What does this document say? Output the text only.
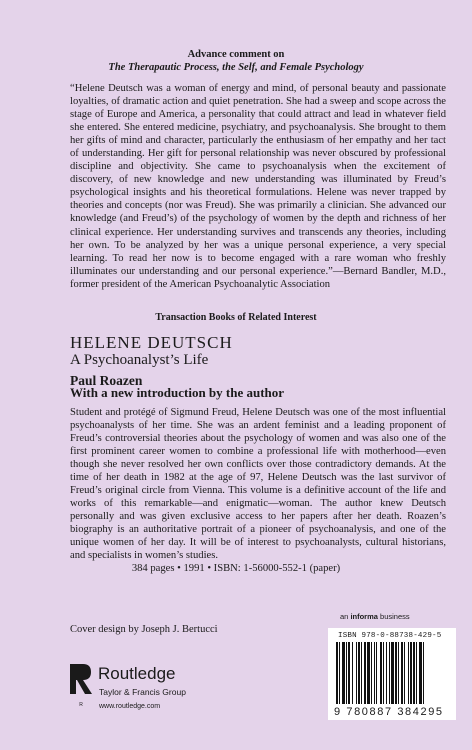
Advance comment on
The Therapautic Process, the Self, and Female Psychology
“Helene Deutsch was a woman of energy and mind, of personal beauty and passionate loyalties, of dramatic action and quiet penetration. She had a sweep and scope across the stage of Europe and America, a personality that could attract and lead in whatever field she entered. She entered medicine, psychiatry, and psychoanalysis. She brought to them her gifts of mind and character, particularly the enthusiasm of her empathy and her tact of understanding. Her gift for personal relationship was never obscured by professional discipline and objectivity. She came to psychoanalysis when the excitement of discovery, of new knowledge and new understanding was illuminated by Freud’s psychological insights and his theoretical formulations. Helene was never trapped by theories and concepts (nor was Freud). She was primarily a clinician. She advanced our knowledge (and Freud’s) of the psychology of women by the depth and richness of her clinical experience. Her understanding survives and transcends any theories, including her own. To be analyzed by her was a unique personal experience, a very special learning. To read her now is to become engaged with a rare woman who freshly illuminates our understanding and our personal experience.”—Bernard Bandler, M.D., former president of the American Psychoanalytic Association
Transaction Books of Related Interest
HELENE DEUTSCH
A Psychoanalyst’s Life
Paul Roazen
With a new introduction by the author
Student and protégé of Sigmund Freud, Helene Deutsch was one of the most influential psychoanalysts of her time. She was an ardent feminist and a leading proponent of Freud’s controversial theories about the psychology of women and was also one of the first prominent career women to combine a professional life with motherhood—even though she never resolved her own conflicts over those contradictory demands. At the time of her death in 1982 at the age of 97, Helene Deutsch was the last survivor of Freud’s original circle from Vienna. This volume is a definitive account of the life and works of this remarkable—and enigmatic—woman. The author knew Deutsch personally and was given exclusive access to her papers after her death. Roazen’s biography is an authoritative portrait of a pioneer of psychoanalysis, and one of the unique women of her day. It will be of interest to psychoanalysts, cultural historians, and specialists in women’s studies.
384 pages • 1991 • ISBN: 1-56000-552-1 (paper)
Cover design by Joseph J. Bertucci
an informa business
R
Routledge
Taylor & Francis Group
www.routledge.com
ISBN 978-0-88738-429-5
9 780887 384295
